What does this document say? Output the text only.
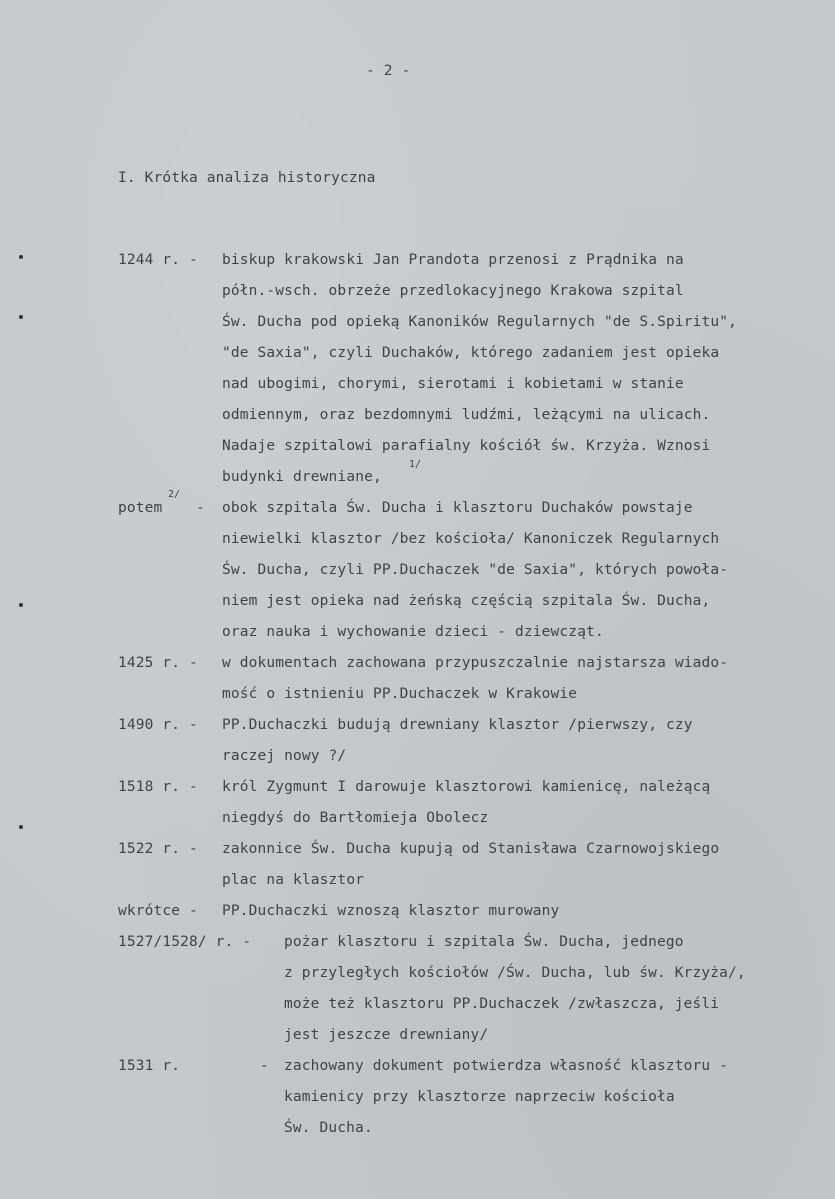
- 2 -
I. Krótka analiza historyczna
1244 r. - biskup krakowski Jan Prandota przenosi z Prądnika na
półn.-wsch. obrzeże przedlokacyjnego Krakowa szpital
Św. Ducha pod opieką Kanoników Regularnych "de S.Spiritu",
"de Saxia", czyli Duchaków, którego zadaniem jest opieka
nad ubogimi, chorymi, sierotami i kobietami w stanie
odmiennym, oraz bezdomnymi ludźmi, leżącymi na ulicach.
Nadaje szpitalowi parafialny kościół św. Krzyża. Wznosi
budynki drewniane,
1/
potem
2/
- obok szpitala Św. Ducha i klasztoru Duchaków powstaje
niewielki klasztor /bez kościoła/ Kanoniczek Regularnych
Św. Ducha, czyli PP.Duchaczek "de Saxia", których powoła-
niem jest opieka nad żeńską częścią szpitala Św. Ducha,
oraz nauka i wychowanie dzieci - dziewcząt.
1425 r. - w dokumentach zachowana przypuszczalnie najstarsza wiado-
mość o istnieniu PP.Duchaczek w Krakowie
1490 r. - PP.Duchaczki budują drewniany klasztor /pierwszy, czy
raczej nowy ?/
1518 r. - król Zygmunt I darowuje klasztorowi kamienicę, należącą
niegdyś do Bartłomieja Obolecz
1522 r. - zakonnice Św. Ducha kupują od Stanisława Czarnowojskiego
plac na klasztor
wkrótce - PP.Duchaczki wznoszą klasztor murowany
1527/1528/ r. - pożar klasztoru i szpitala Św. Ducha, jednego
z przyległych kościołów /Św. Ducha, lub św. Krzyża/,
może też klasztoru PP.Duchaczek /zwłaszcza, jeśli
jest jeszcze drewniany/
1531 r.	- zachowany dokument potwierdza własność klasztoru -
kamienicy przy klasztorze naprzeciw kościoła
Św. Ducha.
